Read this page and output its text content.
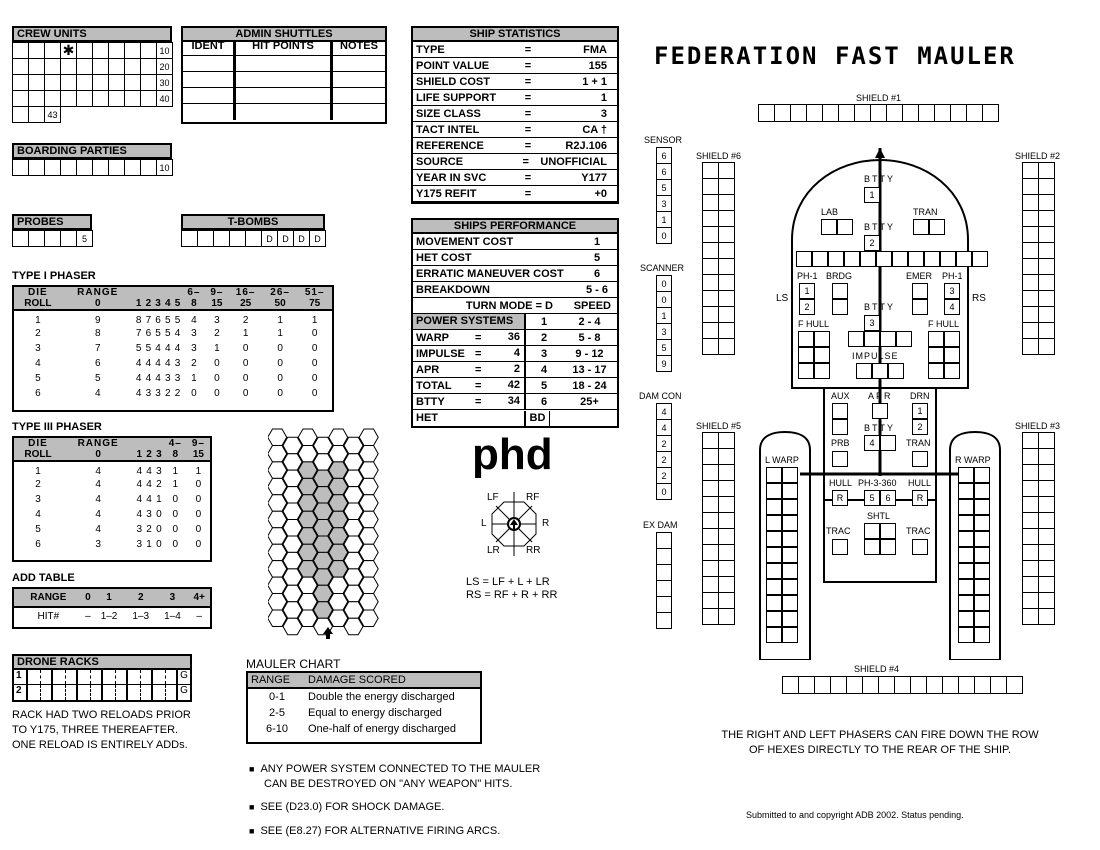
FEDERATION FAST MAULER
CREW UNITS
✱	10
20
30
40
43
ADMIN SHUTTLES
IDENT	HIT POINTS	NOTES
BOARDING PARTIES
10
PROBES
5
T-BOMBS
D	D	D	D
SHIP STATISTICS
TYPE	=	FMA
POINT VALUE	=	155
SHIELD COST	=	1 + 1
LIFE SUPPORT	=	1
SIZE CLASS	=	3
TACT INTEL	=	CA †
REFERENCE	=	R2J.106
SOURCE	=	UNOFFICIAL
YEAR IN SVC	=	Y177
Y175 REFIT	=	+0
SHIPS PERFORMANCE
MOVEMENT COST	1
HET COST	5
ERRATIC MANEUVER COST	6
BREAKDOWN	5 - 6
TURN MODE = D	SPEED
POWER SYSTEMS	1	2 - 4
WARP	=	36	2	5 - 8
IMPULSE =	4	3	9 - 12
APR	=	2	4	13 - 17
TOTAL	=	42	5	18 - 24
BTTY	=	34	6	25+
HET	BD
TYPE I PHASER
DIE	RANGE						6–	9–	16–	26–	51–
ROLL	0	1	2	3	4	5	8	15	25	50	75
1	9	8	7	6	5	5	4	3	2	1	1
2	8	7	6	5	5	4	3	2	1	1	0
3	7	5	5	4	4	4	3	1	0	0	0
4	6	4	4	4	4	3	2	0	0	0	0
5	5	4	4	4	3	3	1	0	0	0	0
6	4	4	3	3	2	2	0	0	0	0	0
TYPE III PHASER
DIE	RANGE				4–	9–
ROLL	0	1	2	3	8	15
1	4	4	4	3	1	1
2	4	4	4	2	1	0
3	4	4	4	1	0	0
4	4	4	3	0	0	0
5	4	3	2	0	0	0
6	3	3	1	0	0	0
ADD TABLE
RANGE	0	1	2	3	4+
HIT#	–	1–2	1–3	1–4	–
DRONE RACKS
1	G
2	G
RACK HAD TWO RELOADS PRIOR
TO Y175, THREE THEREAFTER.
ONE RELOAD IS ENTIRELY ADDs.
phd
LF	RF
L	R
LR	RR
LS = LF + L + LR
RS = RF + R + RR
MAULER CHART
RANGE	DAMAGE SCORED
0-1	Double the energy discharged
2-5	Equal to energy discharged
6-10	One-half of energy discharged
■ ANY POWER SYSTEM CONNECTED TO THE MAULER
CAN BE DESTROYED ON "ANY WEAPON" HITS.
■ SEE (D23.0) FOR SHOCK DAMAGE.
■ SEE (E8.27) FOR ALTERNATIVE FIRING ARCS.
SHIELD #1
SHIELD #4
SHIELD #6	SHIELD #2
SHIELD #5	SHIELD #3
SENSOR
6
6
5
3
1
0
SCANNER
0
0
1
3
5
9
DAM CON
4
4
2
2
2
0
EX DAM
BTTY
LAB	TRAN
BTTY
PH-1 BRDG	EMER PH-1
LS	RS
BTTY
F HULL	F HULL
IMPULSE
AUX APR DRN
BTTY
PRB	TRAN
L WARP	R WARP
HULL PH-3-360 HULL
SHTL
TRAC	TRAC
1
2
1
2
3
4
3
1
2
4
R	5	6	R
THE RIGHT AND LEFT PHASERS CAN FIRE DOWN THE ROW
OF HEXES DIRECTLY TO THE REAR OF THE SHIP.
Submitted to and copyright ADB 2002. Status pending.
